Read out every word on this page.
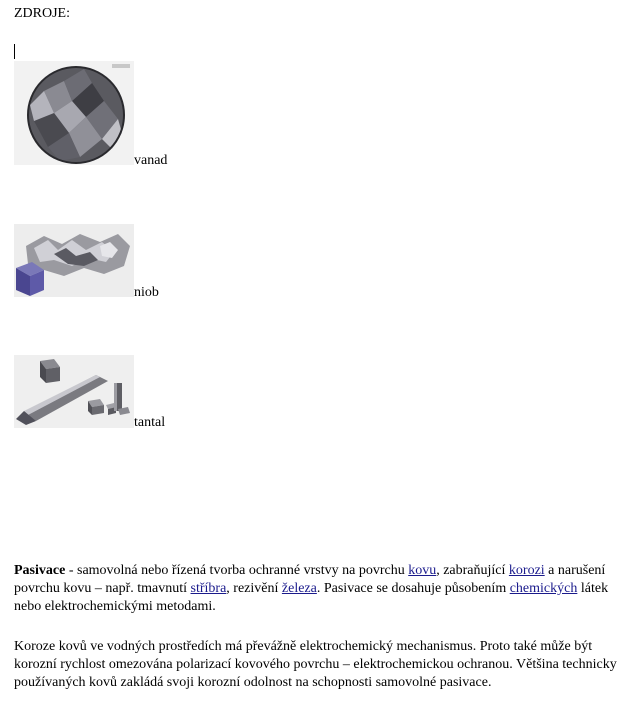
ZDROJE:
vanad
niob
tantal

Pasivace - samovolná nebo řízená tvorba ochranné vrstvy na povrchu kovu, zabraňující korozi a narušení povrchu kovu – např. tmavnutí stříbra, rezivění železa. Pasivace se dosahuje působením chemických látek nebo elektrochemickými metodami.

Koroze kovů ve vodných prostředích má převážně elektrochemický mechanismus. Proto také může být korozní rychlost omezována polarizací kovového povrchu – elektrochemickou ochranou. Většina technicky používaných kovů zakládá svoji korozní odolnost na schopnosti samovolné pasivace.
